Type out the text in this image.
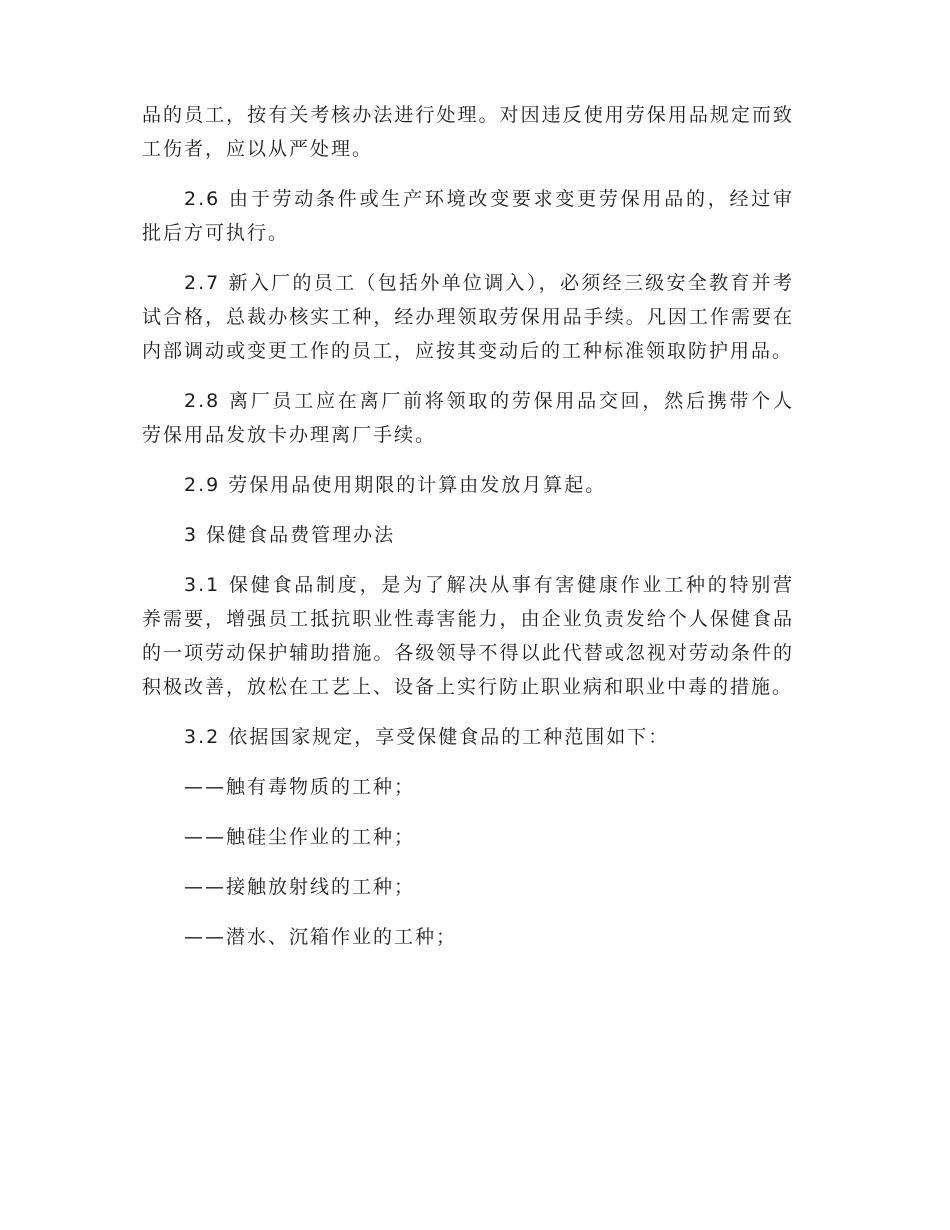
品的员工，按有关考核办法进行处理。对因违反使用劳保用品规定而致工伤者，应以从严处理。

2.6 由于劳动条件或生产环境改变要求变更劳保用品的，经过审批后方可执行。

2.7 新入厂的员工（包括外单位调入），必须经三级安全教育并考试合格，总裁办核实工种，经办理领取劳保用品手续。凡因工作需要在内部调动或变更工作的员工，应按其变动后的工种标准领取防护用品。

2.8 离厂员工应在离厂前将领取的劳保用品交回，然后携带个人劳保用品发放卡办理离厂手续。

2.9 劳保用品使用期限的计算由发放月算起。

3 保健食品费管理办法

3.1 保健食品制度，是为了解决从事有害健康作业工种的特别营养需要，增强员工抵抗职业性毒害能力，由企业负责发给个人保健食品的一项劳动保护辅助措施。各级领导不得以此代替或忽视对劳动条件的积极改善，放松在工艺上、设备上实行防止职业病和职业中毒的措施。

3.2 依据国家规定，享受保健食品的工种范围如下：

——触有毒物质的工种；

——触硅尘作业的工种；

——接触放射线的工种；

——潜水、沉箱作业的工种；
